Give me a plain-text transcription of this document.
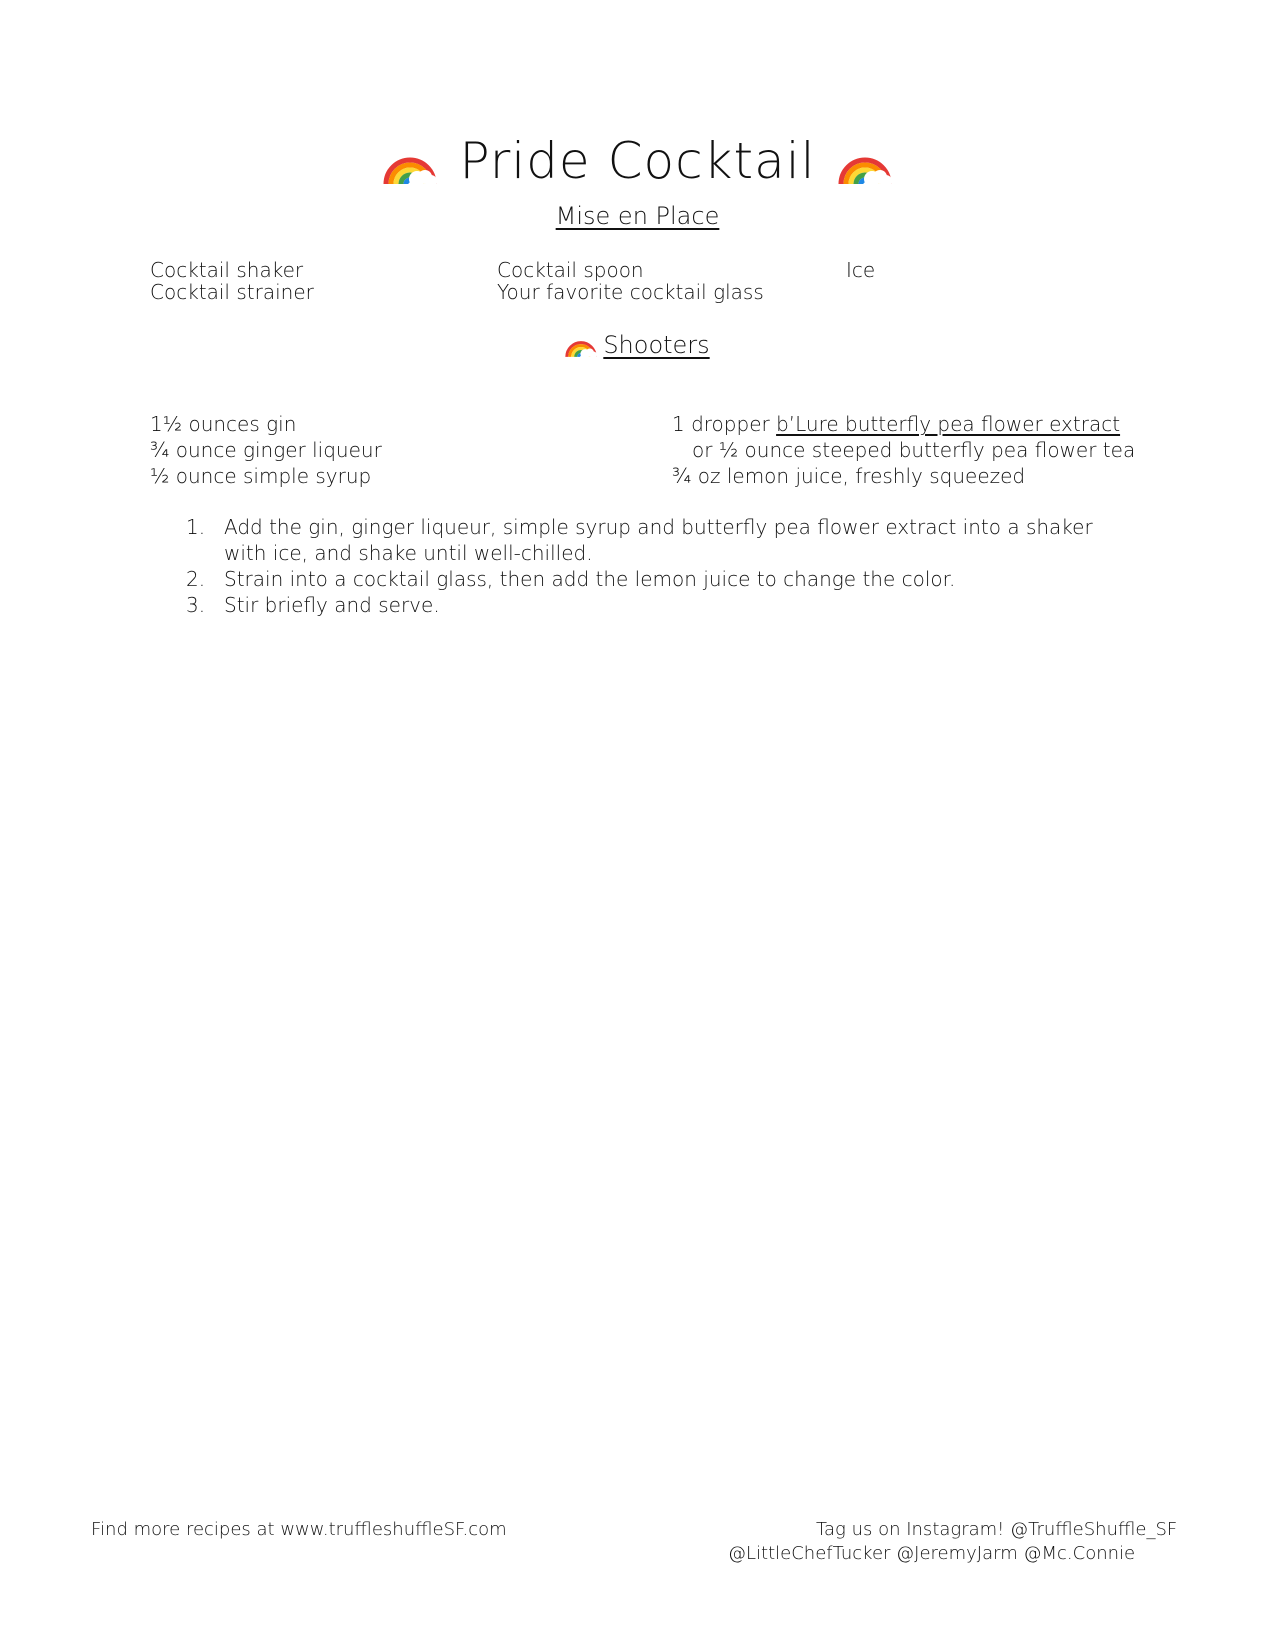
Pride Cocktail
Mise en Place
Cocktail shaker
Cocktail strainer
Cocktail spoon
Your favorite cocktail glass
Ice
Shooters
1½ ounces gin
¾ ounce ginger liqueur
½ ounce simple syrup
1 dropper b’Lure butterfly pea flower extract
or ½ ounce steeped butterfly pea flower tea
¾ oz lemon juice, freshly squeezed
1. Add the gin, ginger liqueur, simple syrup and butterfly pea flower extract into a shaker with ice, and shake until well-chilled.
2. Strain into a cocktail glass, then add the lemon juice to change the color.
3. Stir briefly and serve.
Find more recipes at www.truffleshuffleSF.com	Tag us on Instagram! @TruffleShuffle_SF
@LittleChefTucker @JeremyJarm @Mc.Connie
